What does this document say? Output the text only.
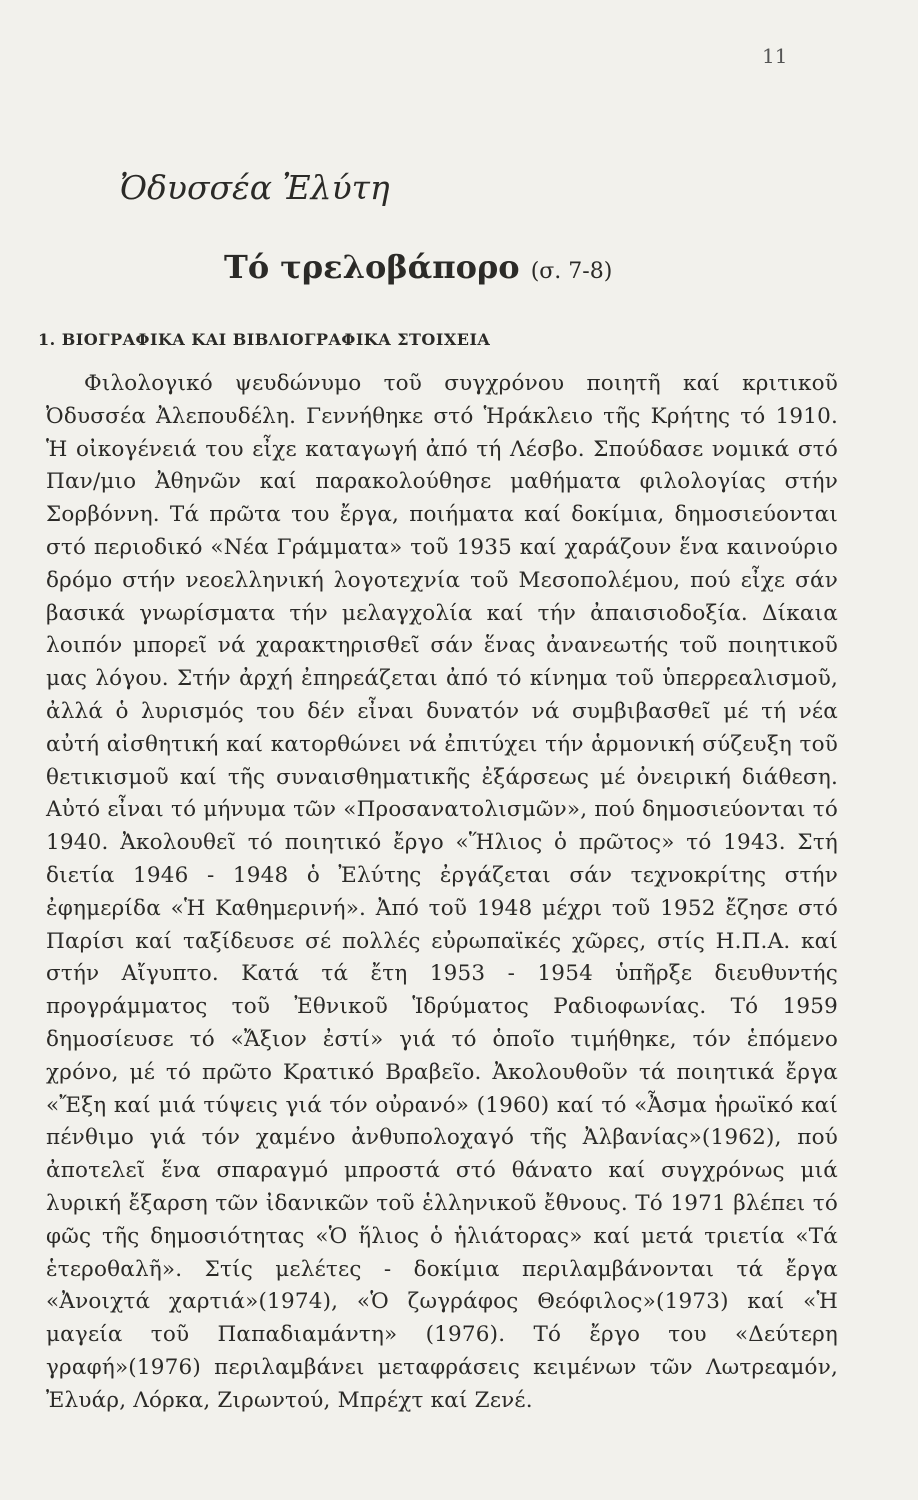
11
Ὀδυσσέα Ἐλύτη
Τό τρελοβάπορο (σ. 7-8)
1. ΒΙΟΓΡΑΦΙΚΑ ΚΑΙ ΒΙΒΛΙΟΓΡΑΦΙΚΑ ΣΤΟΙΧΕΙΑ

Φιλολογικό ψευδώνυμο τοῦ συγχρόνου ποιητῆ καί κριτικοῦ Ὀδυσσέα Ἀλεπουδέλη. Γεννήθηκε στό Ἡράκλειο τῆς Κρήτης τό 1910. Ἡ οἰκογένειά του εἶχε καταγωγή ἀπό τή Λέσβο. Σπούδασε νομικά στό Παν/μιο Ἀθηνῶν καί παρακολούθησε μαθήματα φιλολογίας στήν Σορβόννη. Τά πρῶτα του ἔργα, ποιήματα καί δοκίμια, δημοσιεύονται στό περιοδικό «Νέα Γράμματα» τοῦ 1935 καί χαράζουν ἕνα καινούριο δρόμο στήν νεοελληνική λογοτεχνία τοῦ Μεσοπολέμου, πού εἶχε σάν βασικά γνωρίσματα τήν μελαγχολία καί τήν ἀπαισιοδοξία. Δίκαια λοιπόν μπορεῖ νά χαρακτηρισθεῖ σάν ἕνας ἀνανεωτής τοῦ ποιητικοῦ μας λόγου. Στήν ἀρχή ἐπηρεάζεται ἀπό τό κίνημα τοῦ ὑπερρεαλισμοῦ, ἀλλά ὁ λυρισμός του δέν εἶναι δυνατόν νά συμβιβασθεῖ μέ τή νέα αὐτή αἰσθητική καί κατορθώνει νά ἐπιτύχει τήν ἁρμονική σύζευξη τοῦ θετικισμοῦ καί τῆς συναισθηματικῆς ἐξάρσεως μέ ὀνειρική διάθεση. Αὐτό εἶναι τό μήνυμα τῶν «Προσανατολισμῶν», πού δημοσιεύονται τό 1940. Ἀκολουθεῖ τό ποιητικό ἔργο «Ἥλιος ὁ πρῶτος» τό 1943. Στή διετία 1946 - 1948 ὁ Ἐλύτης ἐργάζεται σάν τεχνοκρίτης στήν ἐφημερίδα «Ἡ Καθημερινή». Ἀπό τοῦ 1948 μέχρι τοῦ 1952 ἔζησε στό Παρίσι καί ταξίδευσε σέ πολλές εὐρωπαϊκές χῶρες, στίς Η.Π.Α. καί στήν Αἴγυπτο. Κατά τά ἔτη 1953 - 1954 ὑπῆρξε διευθυντής προγράμματος τοῦ Ἐθνικοῦ Ἱδρύματος Ραδιοφωνίας. Τό 1959 δημοσίευσε τό «Ἄξιον ἐστί» γιά τό ὁποῖο τιμήθηκε, τόν ἑπόμενο χρόνο, μέ τό πρῶτο Κρατικό Βραβεῖο. Ἀκολουθοῦν τά ποιητικά ἔργα «Ἔξη καί μιά τύψεις γιά τόν οὐρανό» (1960) καί τό «Ἆσμα ἡρωϊκό καί πένθιμο γιά τόν χαμένο ἀνθυπολοχαγό τῆς Ἀλβανίας»(1962), πού ἀποτελεῖ ἕνα σπαραγμό μπροστά στό θάνατο καί συγχρόνως μιά λυρική ἔξαρση τῶν ἰδανικῶν τοῦ ἑλληνικοῦ ἔθνους. Τό 1971 βλέπει τό φῶς τῆς δημοσιότητας «Ὁ ἥλιος ὁ ἡλιάτορας» καί μετά τριετία «Τά ἑτεροθαλῆ». Στίς μελέτες - δοκίμια περιλαμβάνονται τά ἔργα «Ἀνοιχτά χαρτιά»(1974), «Ὁ ζωγράφος Θεόφιλος»(1973) καί «Ἡ μαγεία τοῦ Παπαδιαμάντη» (1976). Τό ἔργο του «Δεύτερη γραφή»(1976) περιλαμβάνει μεταφράσεις κειμένων τῶν Λωτρεαμόν, Ἐλυάρ, Λόρκα, Ζιρωντού, Μπρέχτ καί Ζενέ.
